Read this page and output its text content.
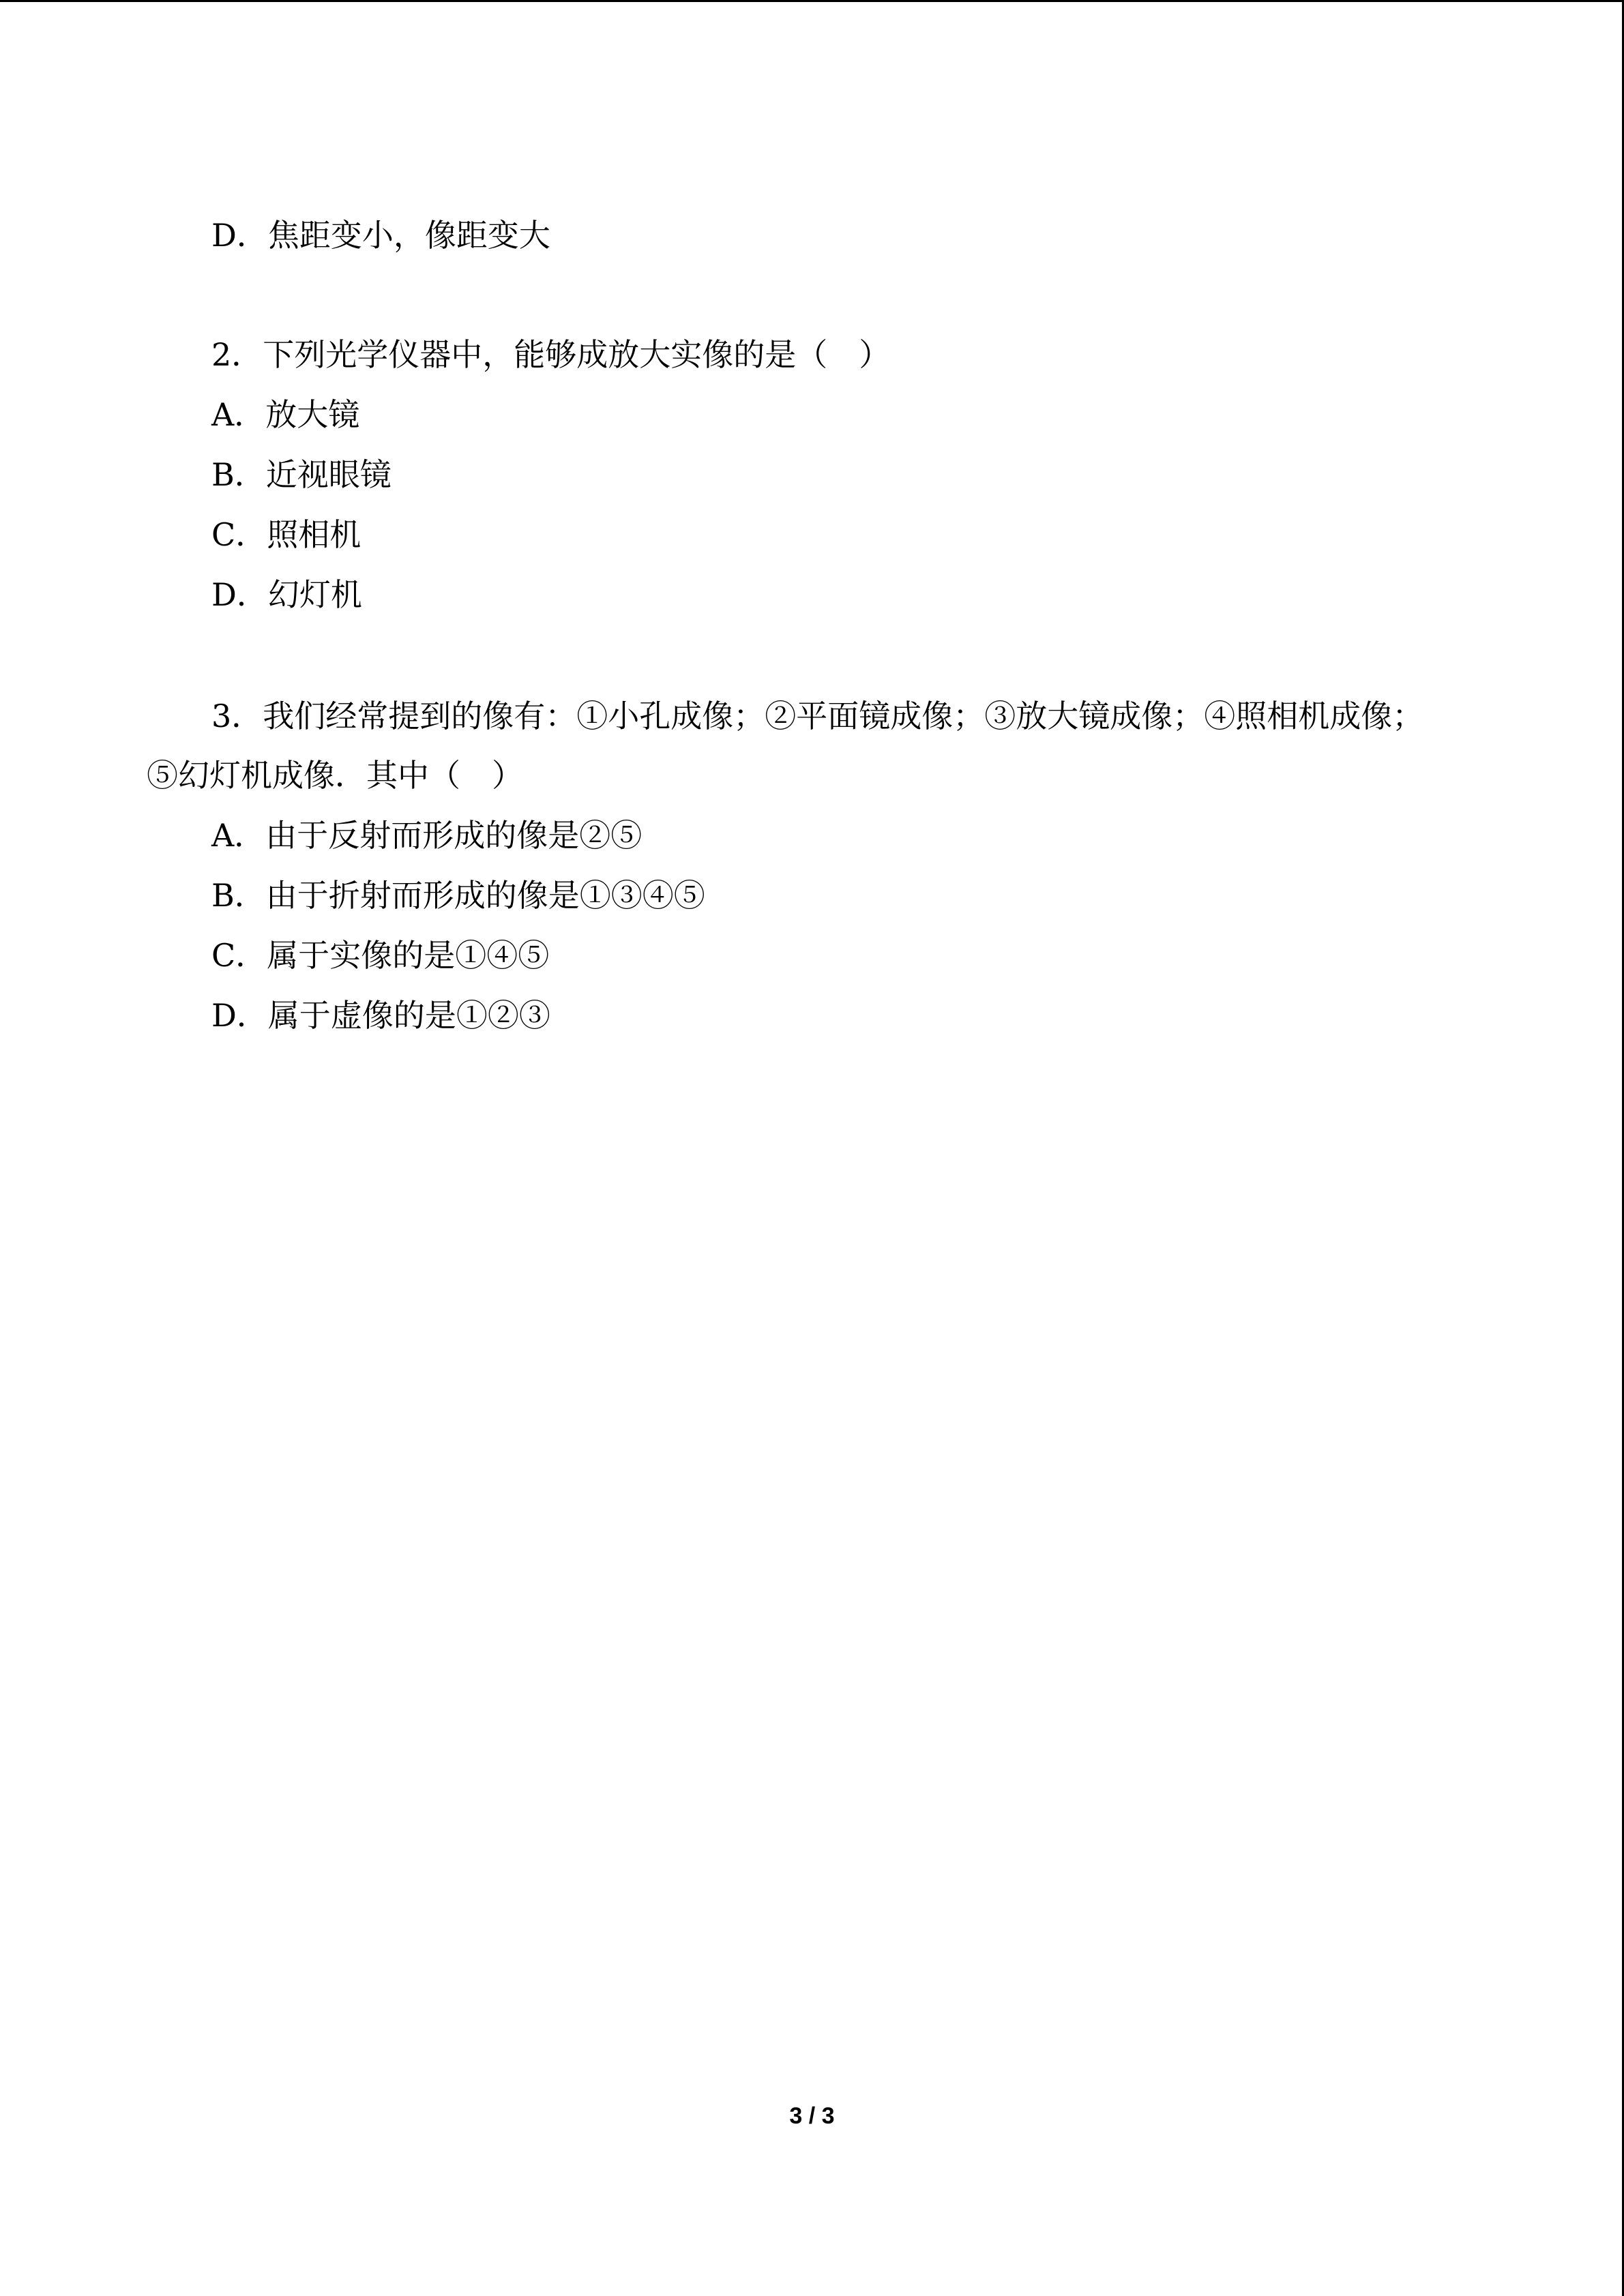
D．焦距变小，像距变大
2．下列光学仪器中，能够成放大实像的是（　）
A．放大镜
B．近视眼镜
C．照相机
D．幻灯机
3．我们经常提到的像有：①小孔成像；②平面镜成像；③放大镜成像；④照相机成像；
⑤幻灯机成像．其中（　）
A．由于反射而形成的像是②⑤
B．由于折射而形成的像是①③④⑤
C．属于实像的是①④⑤
D．属于虚像的是①②③
3 / 3
